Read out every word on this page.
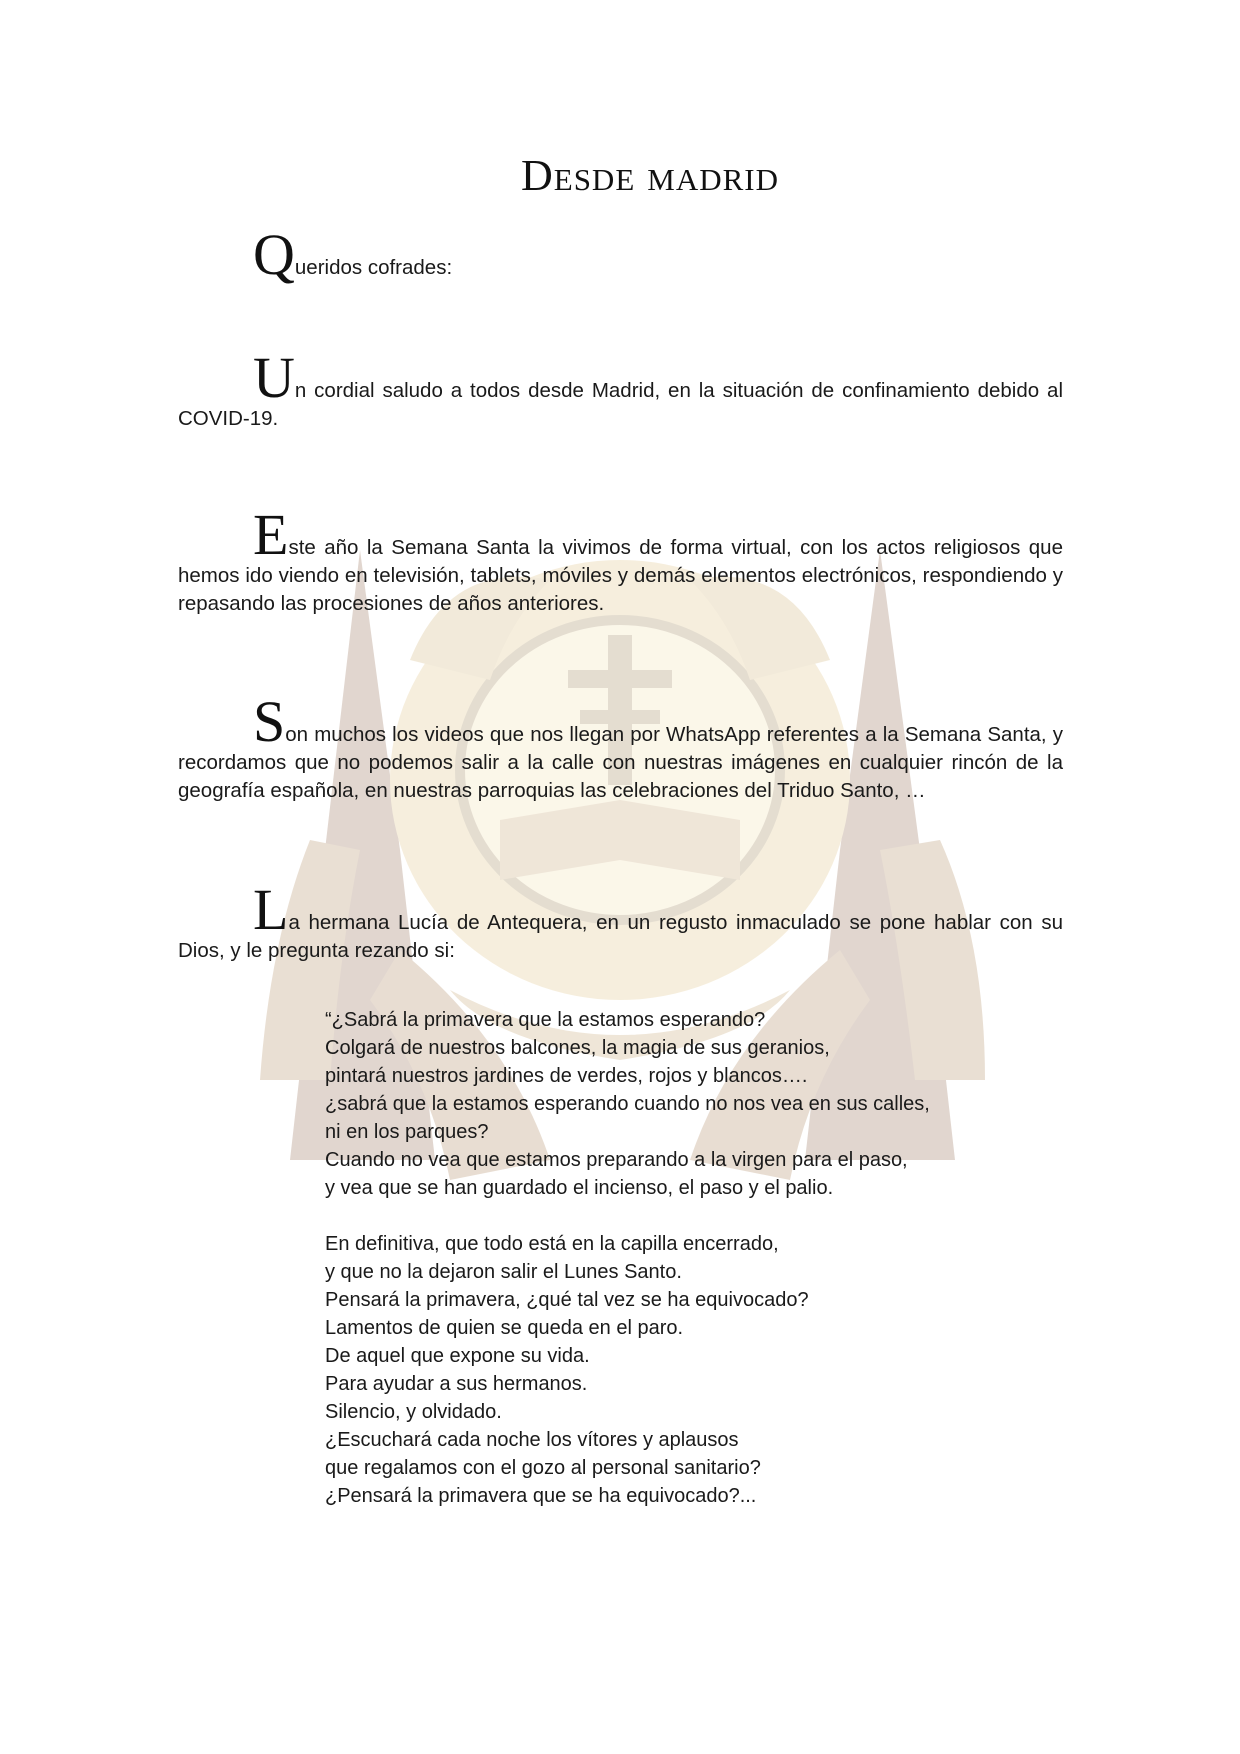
Desde madrid
Queridos cofrades:
Un cordial saludo a todos desde Madrid, en la situación de confinamiento debido al COVID-19.
Este año la Semana Santa la vivimos de forma virtual, con los actos religiosos que hemos ido viendo en televisión, tablets, móviles y demás elementos electrónicos, respondiendo y repasando las procesiones de años anteriores.
Son muchos los videos que nos llegan por WhatsApp referentes a la Semana Santa, y recordamos que no podemos salir a la calle con nuestras imágenes en cualquier rincón de la geografía española, en nuestras parroquias las celebraciones del Triduo Santo, …
La hermana Lucía de Antequera, en un regusto inmaculado se pone hablar con su Dios, y le pregunta rezando si:
“¿Sabrá la primavera que la estamos esperando?
Colgará de nuestros balcones, la magia de sus geranios,
pintará nuestros jardines de verdes, rojos y blancos….
¿sabrá que la estamos esperando cuando no nos vea en sus calles,
ni en los parques?
Cuando no vea que estamos preparando a la virgen para el paso,
y vea que se han guardado el incienso, el paso y el palio.
En definitiva, que todo está en la capilla encerrado,
y que no la dejaron salir el Lunes Santo.
Pensará la primavera, ¿qué tal vez se ha equivocado?
Lamentos de quien se queda en el paro.
De aquel que expone su vida.
Para ayudar a sus hermanos.
Silencio, y olvidado.
¿Escuchará cada noche los vítores y aplausos
que regalamos con el gozo al personal sanitario?
¿Pensará la primavera que se ha equivocado?...
